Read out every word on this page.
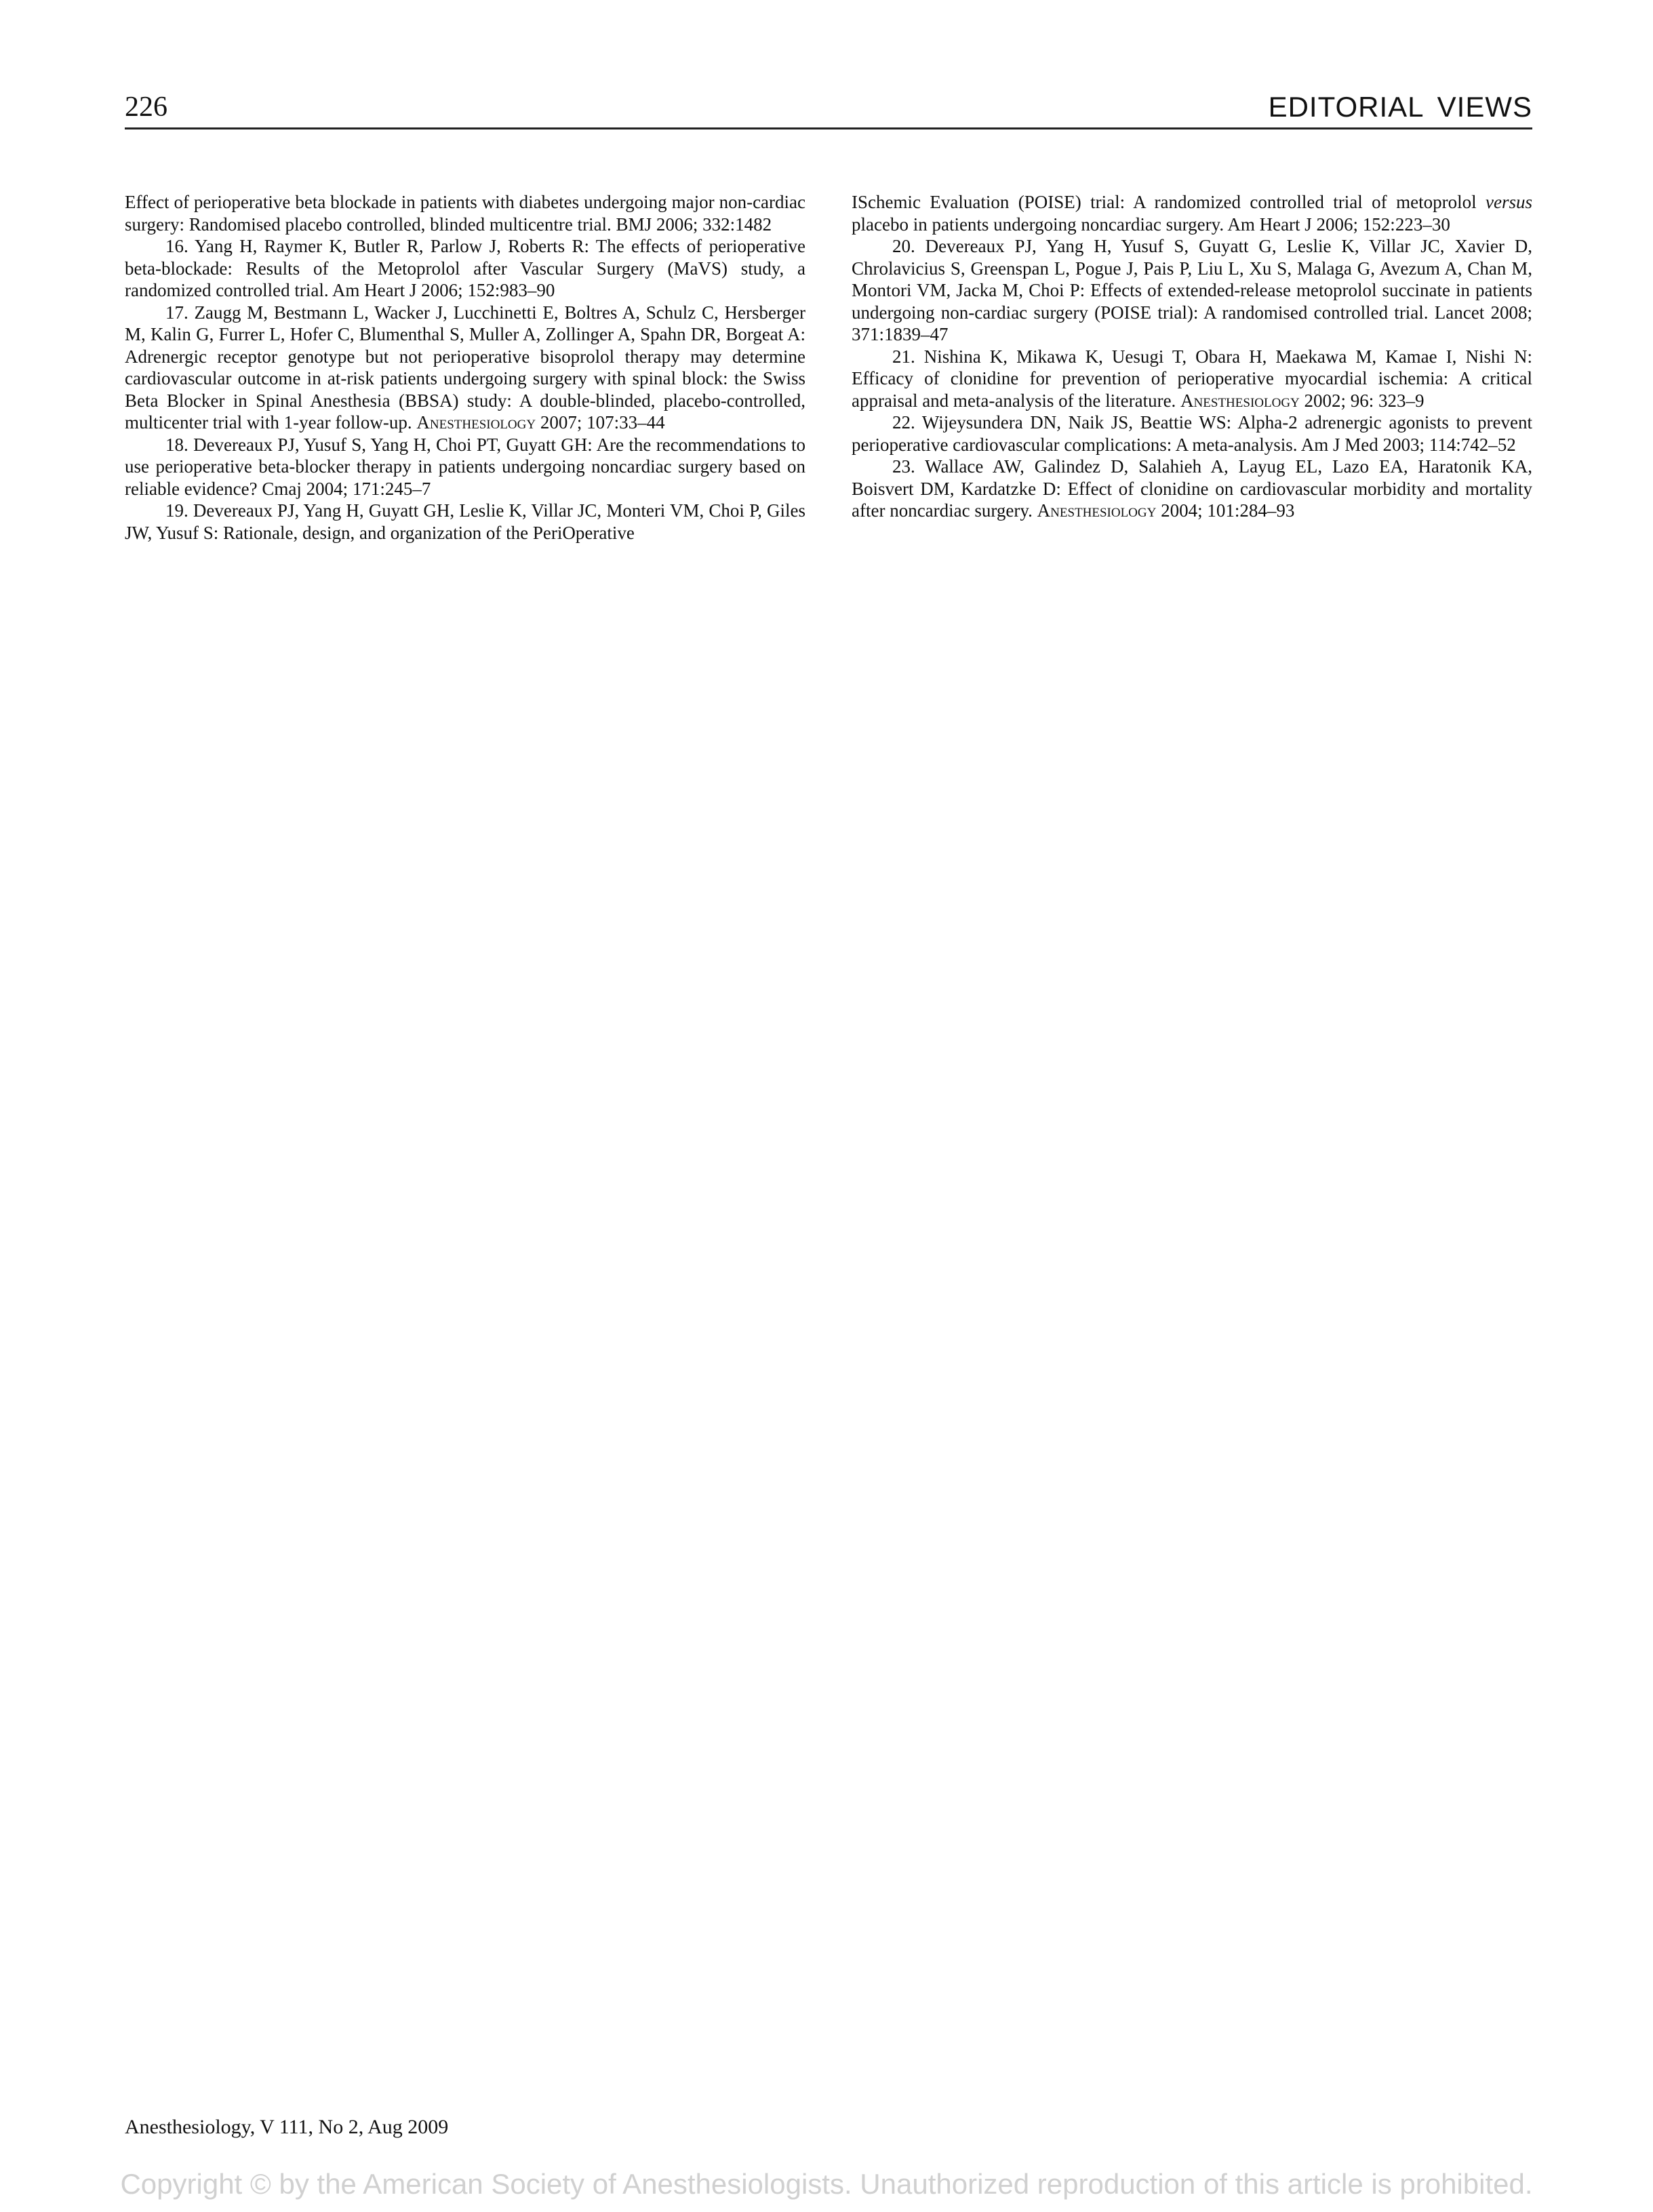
226	EDITORIAL VIEWS

Effect of perioperative beta blockade in patients with diabetes undergoing major non-cardiac surgery: Randomised placebo controlled, blinded multicentre trial. BMJ 2006; 332:1482

16. Yang H, Raymer K, Butler R, Parlow J, Roberts R: The effects of perioperative beta-blockade: Results of the Metoprolol after Vascular Surgery (MaVS) study, a randomized controlled trial. Am Heart J 2006; 152:983–90

17. Zaugg M, Bestmann L, Wacker J, Lucchinetti E, Boltres A, Schulz C, Hersberger M, Kalin G, Furrer L, Hofer C, Blumenthal S, Muller A, Zollinger A, Spahn DR, Borgeat A: Adrenergic receptor genotype but not perioperative bisoprolol therapy may determine cardiovascular outcome in at-risk patients undergoing surgery with spinal block: the Swiss Beta Blocker in Spinal Anesthesia (BBSA) study: A double-blinded, placebo-controlled, multicenter trial with 1-year follow-up. Anesthesiology 2007; 107:33–44

18. Devereaux PJ, Yusuf S, Yang H, Choi PT, Guyatt GH: Are the recommendations to use perioperative beta-blocker therapy in patients undergoing noncardiac surgery based on reliable evidence? Cmaj 2004; 171:245–7

19. Devereaux PJ, Yang H, Guyatt GH, Leslie K, Villar JC, Monteri VM, Choi P, Giles JW, Yusuf S: Rationale, design, and organization of the PeriOperative

ISchemic Evaluation (POISE) trial: A randomized controlled trial of metoprolol versus placebo in patients undergoing noncardiac surgery. Am Heart J 2006; 152:223–30

20. Devereaux PJ, Yang H, Yusuf S, Guyatt G, Leslie K, Villar JC, Xavier D, Chrolavicius S, Greenspan L, Pogue J, Pais P, Liu L, Xu S, Malaga G, Avezum A, Chan M, Montori VM, Jacka M, Choi P: Effects of extended-release metoprolol succinate in patients undergoing non-cardiac surgery (POISE trial): A randomised controlled trial. Lancet 2008; 371:1839–47

21. Nishina K, Mikawa K, Uesugi T, Obara H, Maekawa M, Kamae I, Nishi N: Efficacy of clonidine for prevention of perioperative myocardial ischemia: A critical appraisal and meta-analysis of the literature. Anesthesiology 2002; 96: 323–9

22. Wijeysundera DN, Naik JS, Beattie WS: Alpha-2 adrenergic agonists to prevent perioperative cardiovascular complications: A meta-analysis. Am J Med 2003; 114:742–52

23. Wallace AW, Galindez D, Salahieh A, Layug EL, Lazo EA, Haratonik KA, Boisvert DM, Kardatzke D: Effect of clonidine on cardiovascular morbidity and mortality after noncardiac surgery. Anesthesiology 2004; 101:284–93

Anesthesiology, V 111, No 2, Aug 2009
Copyright © by the American Society of Anesthesiologists. Unauthorized reproduction of this article is prohibited.
